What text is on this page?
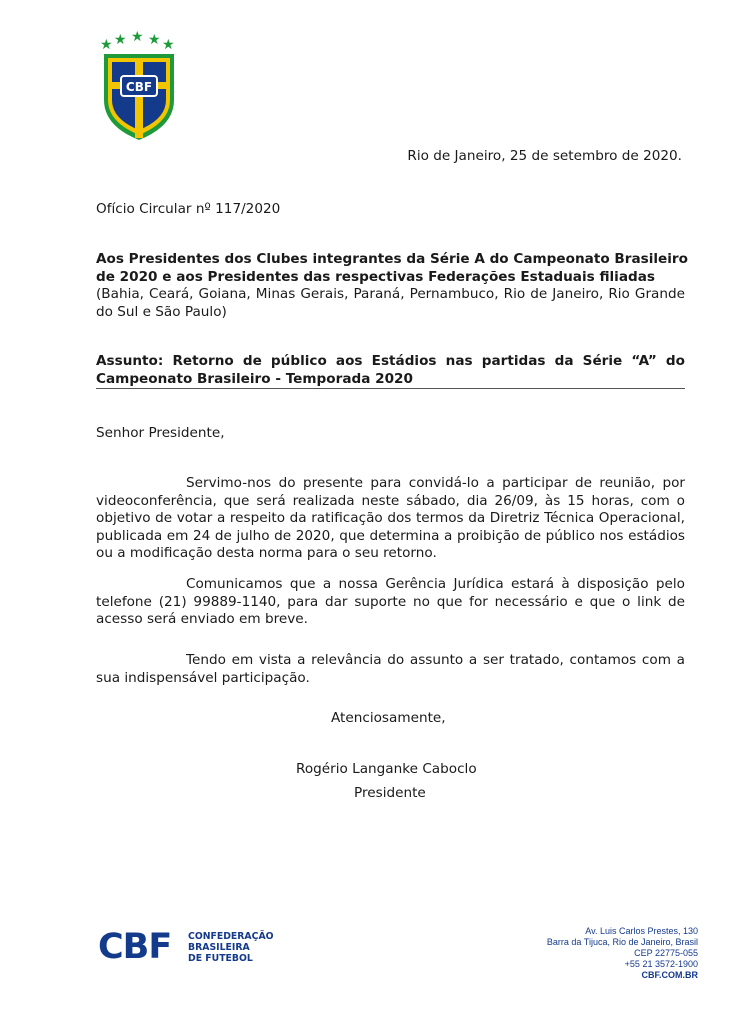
★ ★ ★ ★ ★
CBF
Rio de Janeiro, 25 de setembro de 2020.
Ofício Circular nº 117/2020
Aos Presidentes dos Clubes integrantes da Série A do Campeonato Brasileiro
de 2020 e aos Presidentes das respectivas Federações Estaduais filiadas
(Bahia, Ceará, Goiana, Minas Gerais, Paraná, Pernambuco, Rio de Janeiro, Rio Grande do Sul e São Paulo)
Assunto: Retorno de público aos Estádios nas partidas da Série “A” do Campeonato Brasileiro - Temporada 2020
Senhor Presidente,
Servimo-nos do presente para convidá-lo a participar de reunião, por videoconferência, que será realizada neste sábado, dia 26/09, às 15 horas, com o objetivo de votar a respeito da ratificação dos termos da Diretriz Técnica Operacional, publicada em 24 de julho de 2020, que determina a proibição de público nos estádios ou a modificação desta norma para o seu retorno.
Comunicamos que a nossa Gerência Jurídica estará à disposição pelo telefone (21) 99889-1140, para dar suporte no que for necessário e que o link de acesso será enviado em breve.
Tendo em vista a relevância do assunto a ser tratado, contamos com a sua indispensável participação.
Atenciosamente,
Rogério Langanke Caboclo
Presidente
CBF CONFEDERAÇÃO
BRASILEIRA
DE FUTEBOL
Av. Luis Carlos Prestes, 130
Barra da Tijuca, Rio de Janeiro, Brasil
CEP 22775-055
+55 21 3572-1900
CBF.COM.BR
